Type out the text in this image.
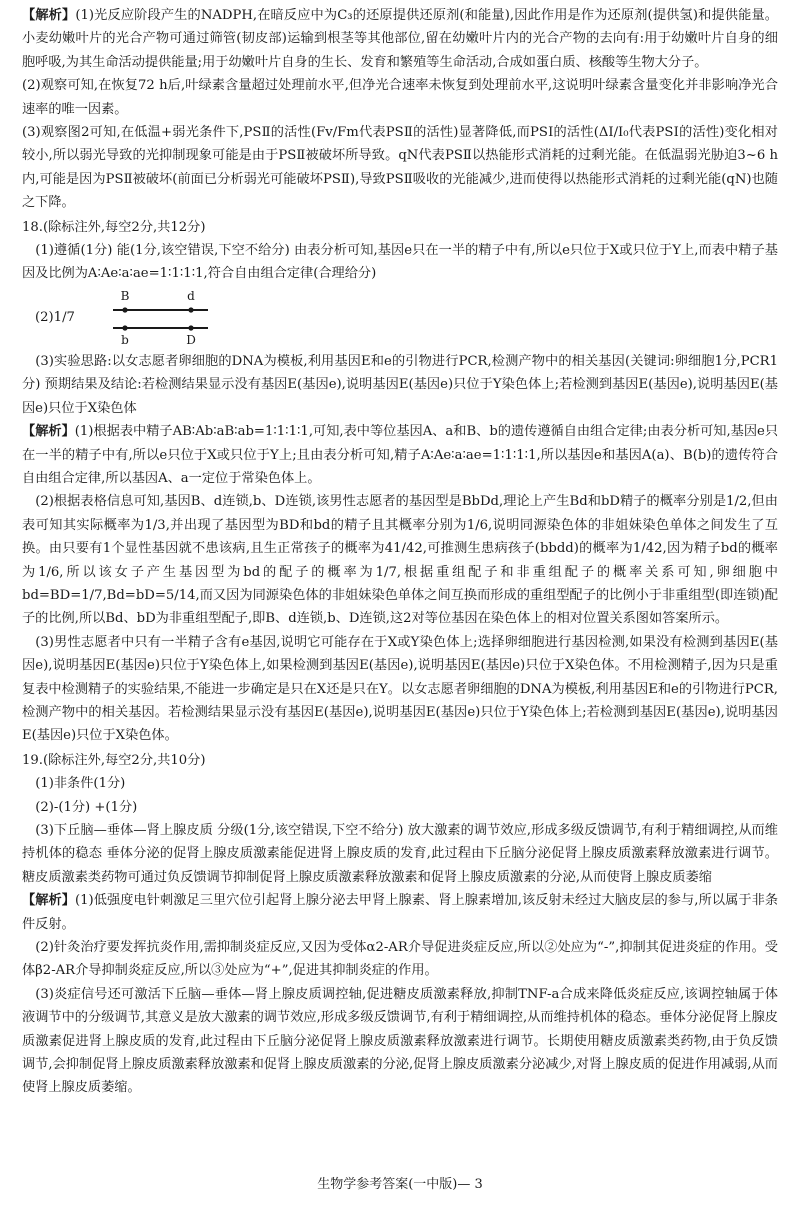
【解析】(1)光反应阶段产生的NADPH,在暗反应中为C₃的还原提供还原剂(和能量),因此作用是作为还原剂(提供氢)和提供能量。小麦幼嫩叶片的光合产物可通过筛管(韧皮部)运输到根茎等其他部位,留在幼嫩叶片内的光合产物的去向有:用于幼嫩叶片自身的细胞呼吸,为其生命活动提供能量;用于幼嫩叶片自身的生长、发育和繁殖等生命活动,合成如蛋白质、核酸等生物大分子。

(2)观察可知,在恢复72 h后,叶绿素含量超过处理前水平,但净光合速率未恢复到处理前水平,这说明叶绿素含量变化并非影响净光合速率的唯一因素。

(3)观察图2可知,在低温+弱光条件下,PSⅡ的活性(Fv/Fm代表PSⅡ的活性)显著降低,而PSⅠ的活性(ΔI/I₀代表PSⅠ的活性)变化相对较小,所以弱光导致的光抑制现象可能是由于PSⅡ被破坏所导致。qN代表PSⅡ以热能形式消耗的过剩光能。在低温弱光胁迫3~6 h内,可能是因为PSⅡ被破坏(前面已分析弱光可能破坏PSⅡ),导致PSⅡ吸收的光能减少,进而使得以热能形式消耗的过剩光能(qN)也随之下降。

18.(除标注外,每空2分,共12分)

(1)遵循(1分) 能(1分,该空错误,下空不给分) 由表分析可知,基因e只在一半的精子中有,所以e只位于X或只位于Y上,而表中精子基因及比例为A∶Ae∶a∶ae=1∶1∶1∶1,符合自由组合定律(合理给分)

(2)1/7
B	d
b	D

(3)实验思路:以女志愿者卵细胞的DNA为模板,利用基因E和e的引物进行PCR,检测产物中的相关基因(关键词:卵细胞1分,PCR1分) 预期结果及结论:若检测结果显示没有基因E(基因e),说明基因E(基因e)只位于Y染色体上;若检测到基因E(基因e),说明基因E(基因e)只位于X染色体

【解析】(1)根据表中精子AB∶Ab∶aB∶ab=1∶1∶1∶1,可知,表中等位基因A、a和B、b的遗传遵循自由组合定律;由表分析可知,基因e只在一半的精子中有,所以e只位于X或只位于Y上;且由表分析可知,精子A∶Ae∶a∶ae=1∶1∶1∶1,所以基因e和基因A(a)、B(b)的遗传符合自由组合定律,所以基因A、a一定位于常染色体上。

(2)根据表格信息可知,基因B、d连锁,b、D连锁,该男性志愿者的基因型是BbDd,理论上产生Bd和bD精子的概率分别是1/2,但由表可知其实际概率为1/3,并出现了基因型为BD和bd的精子且其概率分别为1/6,说明同源染色体的非姐妹染色单体之间发生了互换。由只要有1个显性基因就不患该病,且生正常孩子的概率为41/42,可推测生患病孩子(bbdd)的概率为1/42,因为精子bd的概率为1/6,所以该女子产生基因型为bd的配子的概率为1/7,根据重组配子和非重组配子的概率关系可知,卵细胞中bd=BD=1/7,Bd=bD=5/14,而又因为同源染色体的非姐妹染色单体之间互换而形成的重组型配子的比例小于非重组型(即连锁)配子的比例,所以Bd、bD为非重组型配子,即B、d连锁,b、D连锁,这2对等位基因在染色体上的相对位置关系图如答案所示。

(3)男性志愿者中只有一半精子含有e基因,说明它可能存在于X或Y染色体上;选择卵细胞进行基因检测,如果没有检测到基因E(基因e),说明基因E(基因e)只位于Y染色体上,如果检测到基因E(基因e),说明基因E(基因e)只位于X染色体。不用检测精子,因为只是重复表中检测精子的实验结果,不能进一步确定是只在X还是只在Y。以女志愿者卵细胞的DNA为模板,利用基因E和e的引物进行PCR,检测产物中的相关基因。若检测结果显示没有基因E(基因e),说明基因E(基因e)只位于Y染色体上;若检测到基因E(基因e),说明基因E(基因e)只位于X染色体。

19.(除标注外,每空2分,共10分)

(1)非条件(1分)

(2)-(1分) +(1分)

(3)下丘脑—垂体—肾上腺皮质 分级(1分,该空错误,下空不给分) 放大激素的调节效应,形成多级反馈调节,有利于精细调控,从而维持机体的稳态 垂体分泌的促肾上腺皮质激素能促进肾上腺皮质的发育,此过程由下丘脑分泌促肾上腺皮质激素释放激素进行调节。糖皮质激素类药物可通过负反馈调节抑制促肾上腺皮质激素释放激素和促肾上腺皮质激素的分泌,从而使肾上腺皮质萎缩

【解析】(1)低强度电针刺激足三里穴位引起肾上腺分泌去甲肾上腺素、肾上腺素增加,该反射未经过大脑皮层的参与,所以属于非条件反射。

(2)针灸治疗要发挥抗炎作用,需抑制炎症反应,又因为受体α2-AR介导促进炎症反应,所以②处应为“-”,抑制其促进炎症的作用。受体β2-AR介导抑制炎症反应,所以③处应为“+”,促进其抑制炎症的作用。

(3)炎症信号还可激活下丘脑—垂体—肾上腺皮质调控轴,促进糖皮质激素释放,抑制TNF-a合成来降低炎症反应,该调控轴属于体液调节中的分级调节,其意义是放大激素的调节效应,形成多级反馈调节,有利于精细调控,从而维持机体的稳态。垂体分泌促肾上腺皮质激素促进肾上腺皮质的发育,此过程由下丘脑分泌促肾上腺皮质激素释放激素进行调节。长期使用糖皮质激素类药物,由于负反馈调节,会抑制促肾上腺皮质激素释放激素和促肾上腺皮质激素的分泌,促肾上腺皮质激素分泌减少,对肾上腺皮质的促进作用减弱,从而使肾上腺皮质萎缩。

生物学参考答案(一中版)— 3
